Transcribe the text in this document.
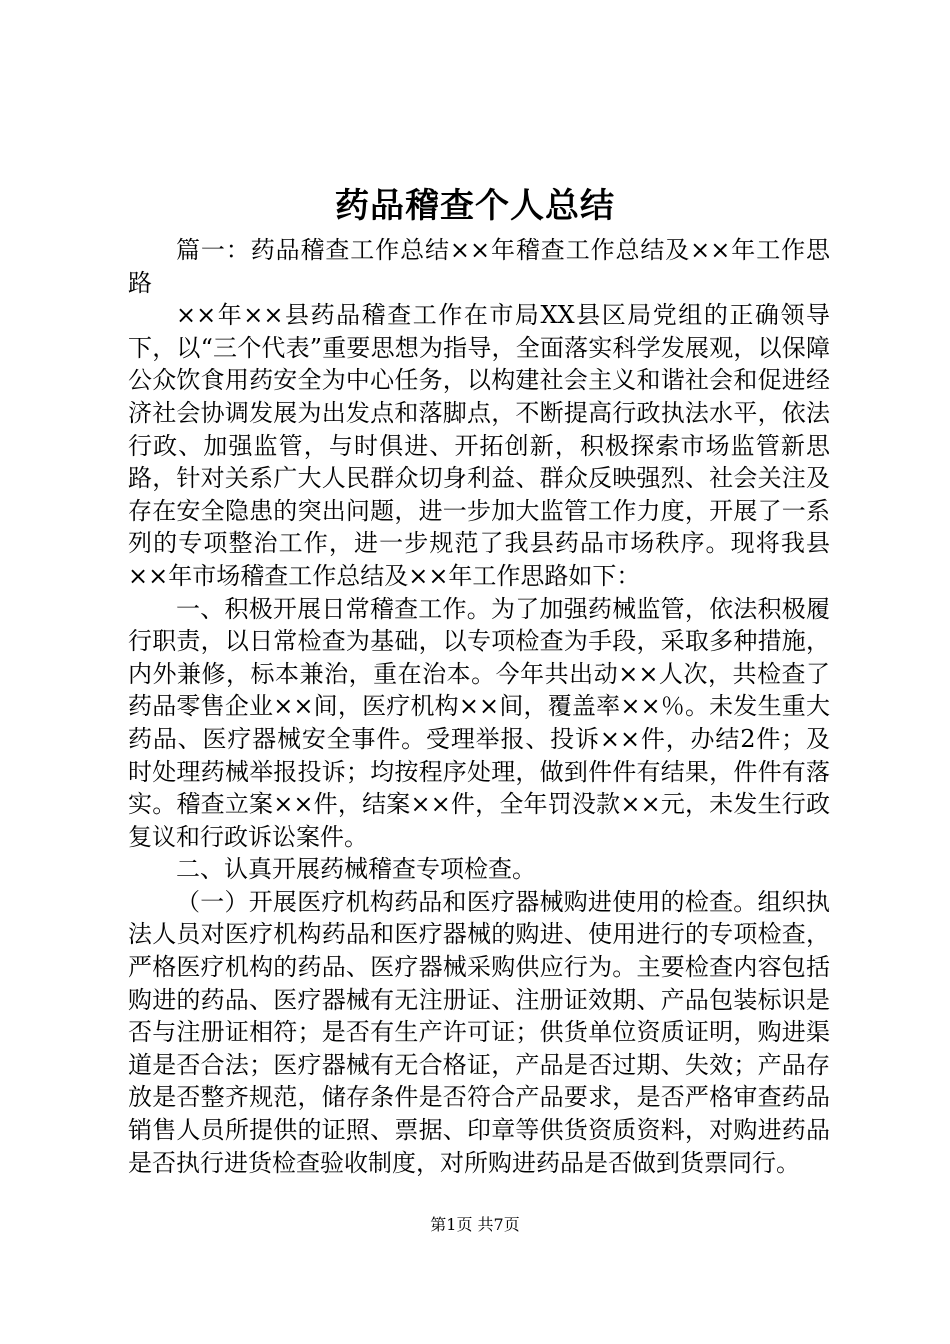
药品稽查个人总结

篇一：药品稽查工作总结××年稽查工作总结及××年工作思路

××年××县药品稽查工作在市局XX县区局党组的正确领导下，以“三个代表”重要思想为指导，全面落实科学发展观，以保障公众饮食用药安全为中心任务，以构建社会主义和谐社会和促进经济社会协调发展为出发点和落脚点，不断提高行政执法水平，依法行政、加强监管，与时俱进、开拓创新，积极探索市场监管新思路，针对关系广大人民群众切身利益、群众反映强烈、社会关注及存在安全隐患的突出问题，进一步加大监管工作力度，开展了一系列的专项整治工作，进一步规范了我县药品市场秩序。现将我县××年市场稽查工作总结及××年工作思路如下：

一、积极开展日常稽查工作。为了加强药械监管，依法积极履行职责，以日常检查为基础，以专项检查为手段，采取多种措施，内外兼修，标本兼治，重在治本。今年共出动××人次，共检查了药品零售企业××间，医疗机构××间，覆盖率××％。未发生重大药品、医疗器械安全事件。受理举报、投诉××件，办结2件；及时处理药械举报投诉；均按程序处理，做到件件有结果，件件有落实。稽查立案××件，结案××件，全年罚没款××元，未发生行政复议和行政诉讼案件。

二、认真开展药械稽查专项检查。

（一）开展医疗机构药品和医疗器械购进使用的检查。组织执法人员对医疗机构药品和医疗器械的购进、使用进行的专项检查，严格医疗机构的药品、医疗器械采购供应行为。主要检查内容包括购进的药品、医疗器械有无注册证、注册证效期、产品包装标识是否与注册证相符；是否有生产许可证；供货单位资质证明，购进渠道是否合法；医疗器械有无合格证，产品是否过期、失效；产品存放是否整齐规范，储存条件是否符合产品要求，是否严格审查药品销售人员所提供的证照、票据、印章等供货资质资料，对购进药品是否执行进货检查验收制度，对所购进药品是否做到货票同行。

第1页 共7页
